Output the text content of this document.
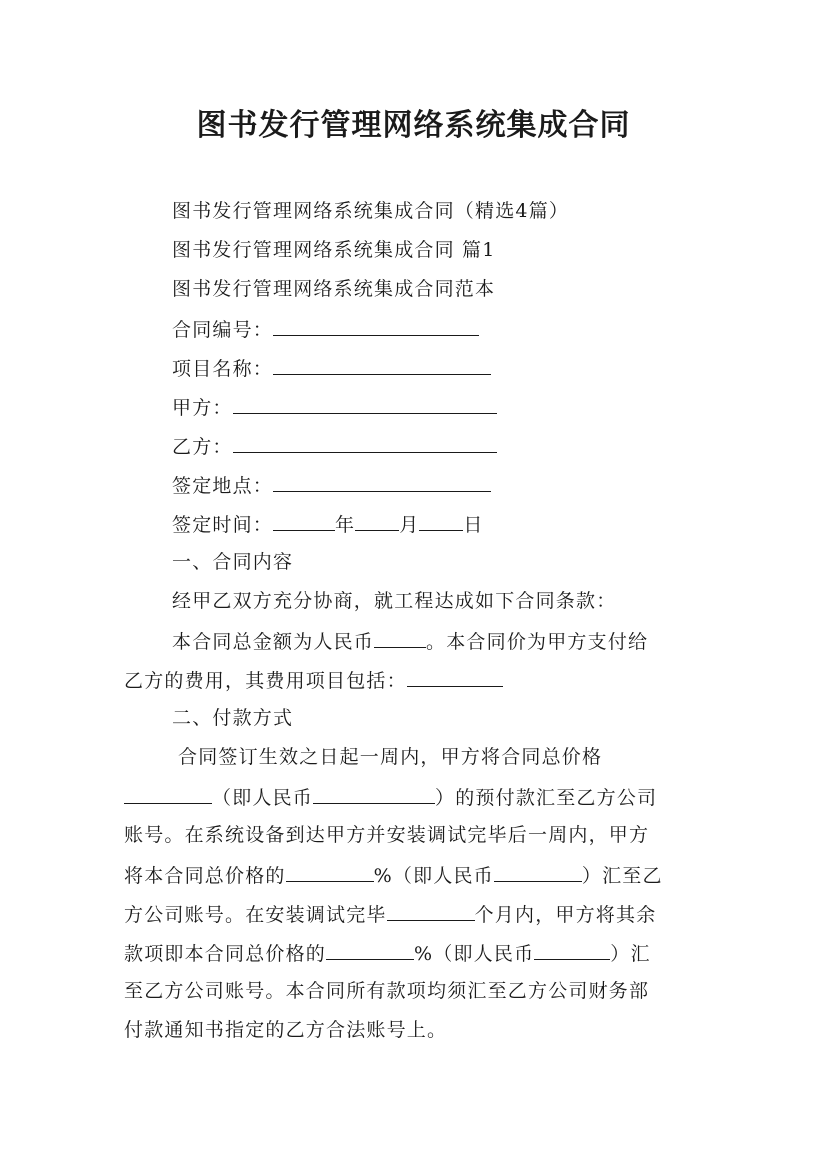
图书发行管理网络系统集成合同
图书发行管理网络系统集成合同（精选4篇）
图书发行管理网络系统集成合同 篇1
图书发行管理网络系统集成合同范本
合同编号：
项目名称：
甲方：
乙方：
签定地点：
签定时间：	年 月 日
一、合同内容
经甲乙双方充分协商，就工程达成如下合同条款：
本合同总金额为人民币	。本合同价为甲方支付给
乙方的费用，其费用项目包括：
二、付款方式
合同签订生效之日起一周内，甲方将合同总价格
（即人民币	）的预付款汇至乙方公司
账号。在系统设备到达甲方并安装调试完毕后一周内，甲方
将本合同总价格的	%（即人民币	）汇至乙
方公司账号。在安装调试完毕	个月内，甲方将其余
款项即本合同总价格的	%（即人民币	）汇
至乙方公司账号。本合同所有款项均须汇至乙方公司财务部
付款通知书指定的乙方合法账号上。
